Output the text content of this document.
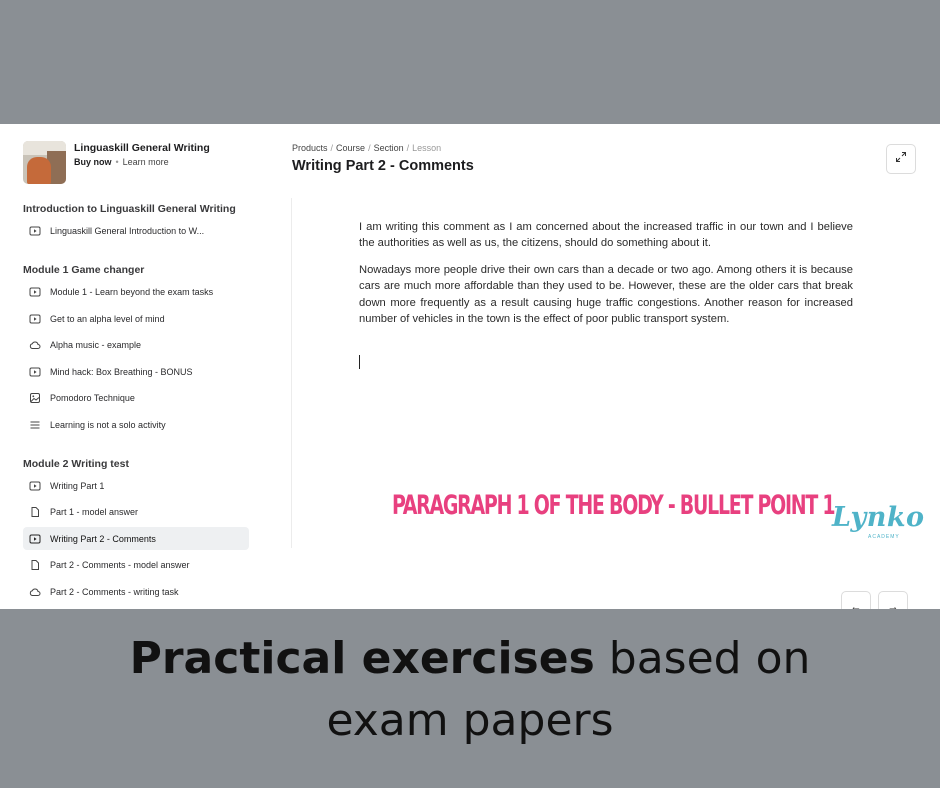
Linguaskill General Writing
Buy now • Learn more
Introduction to Linguaskill General Writing
Linguaskill General Introduction to W...
Module 1 Game changer
Module 1 - Learn beyond the exam tasks
Get to an alpha level of mind
Alpha music - example
Mind hack: Box Breathing - BONUS
Pomodoro Technique
Learning is not a solo activity
Module 2 Writing test
Writing Part 1
Part 1 - model answer
Writing Part 2 - Comments
Part 2 - Comments - model answer
Part 2 - Comments - writing task
Products / Course / Section / Lesson
Writing Part 2 - Comments

I am writing this comment as I am concerned about the increased traffic in our town and I believe the authorities as well as us, the citizens, should do something about it.

Nowadays more people drive their own cars than a decade or two ago. Among others it is because cars are much more affordable than they used to be. However, these are the older cars that break down more frequently as a result causing huge traffic congestions. Another reason for increased number of vehicles in the town is the effect of poor public transport system.

PARAGRAPH 1 OF THE BODY - BULLET POINT 1
Lynko
ACADEMY
← →
Practical exercises based on
exam papers
